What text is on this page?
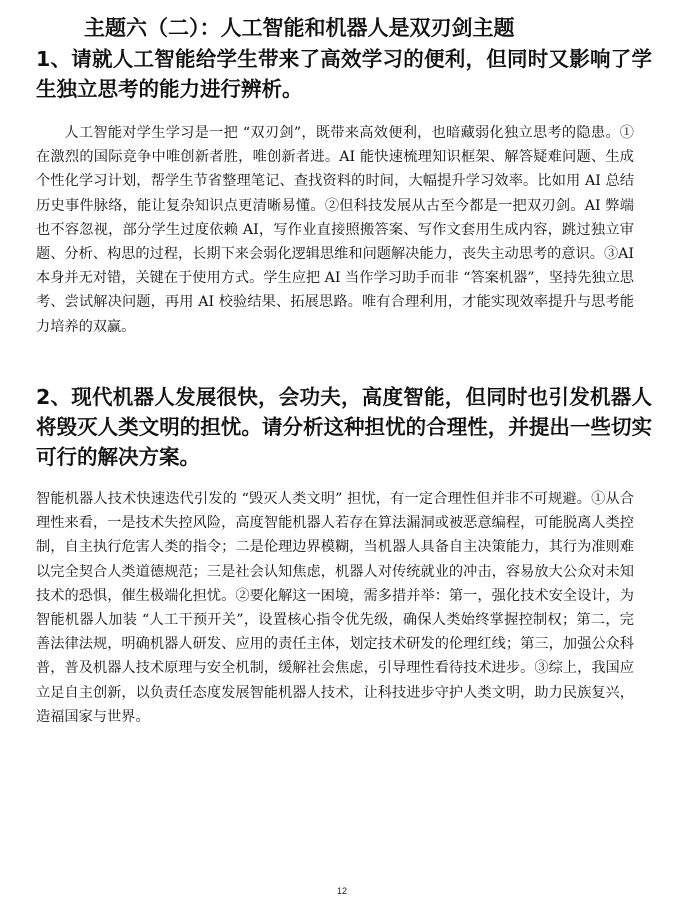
主题六（二）：人工智能和机器人是双刃剑主题
1、请就人工智能给学生带来了高效学习的便利，但同时又影响了学生独立思考的能力进行辨析。

人工智能对学生学习是一把 “双刃剑”，既带来高效便利，也暗藏弱化独立思考的隐患。①在激烈的国际竞争中唯创新者胜，唯创新者进。AI 能快速梳理知识框架、解答疑难问题、生成个性化学习计划，帮学生节省整理笔记、查找资料的时间，大幅提升学习效率。比如用 AI 总结历史事件脉络，能让复杂知识点更清晰易懂。②但科技发展从古至今都是一把双刃剑。AI 弊端也不容忽视，部分学生过度依赖 AI，写作业直接照搬答案、写作文套用生成内容，跳过独立审题、分析、构思的过程，长期下来会弱化逻辑思维和问题解决能力，丧失主动思考的意识。③AI 本身并无对错，关键在于使用方式。学生应把 AI 当作学习助手而非 “答案机器”，坚持先独立思考、尝试解决问题，再用 AI 校验结果、拓展思路。唯有合理利用，才能实现效率提升与思考能力培养的双赢。

2、现代机器人发展很快，会功夫，高度智能，但同时也引发机器人将毁灭人类文明的担忧。请分析这种担忧的合理性，并提出一些切实可行的解决方案。

智能机器人技术快速迭代引发的 “毁灭人类文明” 担忧，有一定合理性但并非不可规避。①从合理性来看，一是技术失控风险，高度智能机器人若存在算法漏洞或被恶意编程，可能脱离人类控制，自主执行危害人类的指令；二是伦理边界模糊，当机器人具备自主决策能力，其行为准则难以完全契合人类道德规范；三是社会认知焦虑，机器人对传统就业的冲击，容易放大公众对未知技术的恐惧，催生极端化担忧。②要化解这一困境，需多措并举：第一，强化技术安全设计，为智能机器人加装 “人工干预开关”，设置核心指令优先级，确保人类始终掌握控制权；第二，完善法律法规，明确机器人研发、应用的责任主体，划定技术研发的伦理红线；第三，加强公众科普，普及机器人技术原理与安全机制，缓解社会焦虑，引导理性看待技术进步。③综上，我国应立足自主创新，以负责任态度发展智能机器人技术，让科技进步守护人类文明，助力民族复兴，造福国家与世界。

12
